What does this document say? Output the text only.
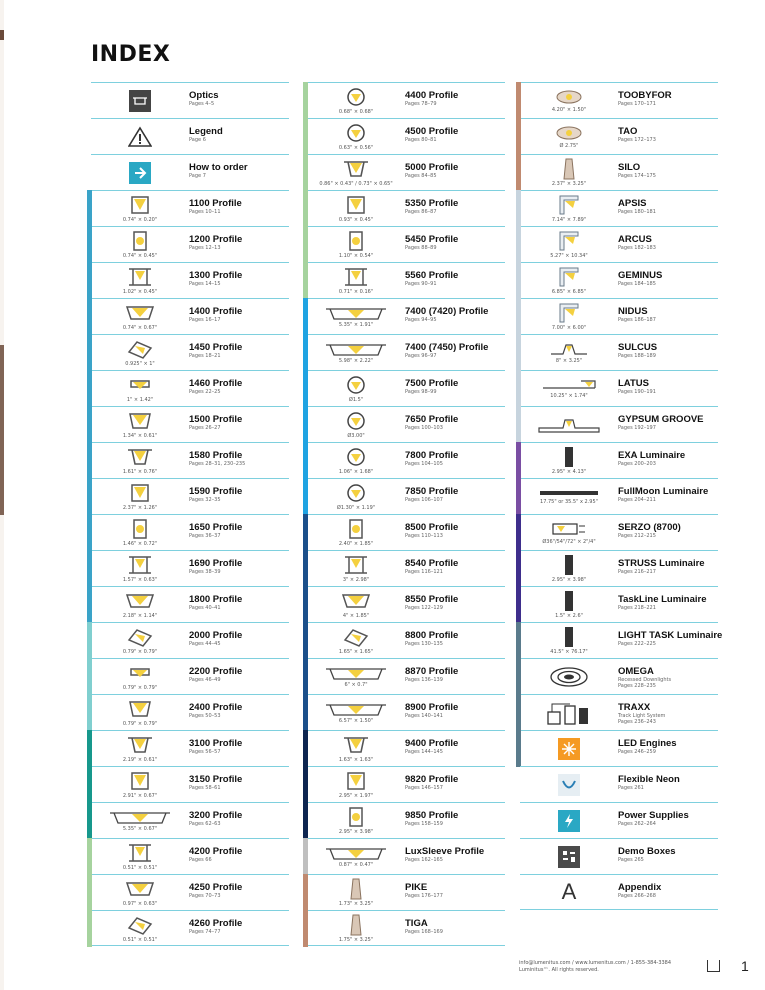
INDEX
Optics
Pages 4–5
Legend
Page 6
How to order
Page 7
0.74" × 0.20"
1100 Profile
Pages 10–11
0.74" × 0.45"
1200 Profile
Pages 12–13
1.02" × 0.45"
1300 Profile
Pages 14–15
0.74" × 0.67"
1400 Profile
Pages 16–17
0.925" × 1"
1450 Profile
Pages 18–21
1" × 1.42"
1460 Profile
Pages 22–25
1.34" × 0.61"
1500 Profile
Pages 26–27
1.61" × 0.76"
1580 Profile
Pages 28–31, 230–235
2.37" × 1.26"
1590 Profile
Pages 32–35
1.46" × 0.72"
1650 Profile
Pages 36–37
1.57" × 0.63"
1690 Profile
Pages 38–39
2.18" × 1.14"
1800 Profile
Pages 40–41
0.79" × 0.79"
2000 Profile
Pages 44–45
0.79" × 0.79"
2200 Profile
Pages 46–49
0.79" × 0.79"
2400 Profile
Pages 50–53
2.19" × 0.61"
3100 Profile
Pages 56–57
2.91" × 0.67"
3150 Profile
Pages 58–61
5.35" × 0.67"
3200 Profile
Pages 62–63
0.51" × 0.51"
4200 Profile
Pages 66
0.97" × 0.63"
4250 Profile
Pages 70–73
0.51" × 0.51"
4260 Profile
Pages 74–77
0.68" × 0.68"
4400 Profile
Pages 78–79
0.63" × 0.56"
4500 Profile
Pages 80–81
0.86" × 0.43" / 0.73" × 0.65"
5000 Profile
Pages 84–85
0.93" × 0.45"
5350 Profile
Pages 86–87
1.10" × 0.54"
5450 Profile
Pages 88–89
0.71" × 0.16"
5560 Profile
Pages 90–91
5.35" × 1.91"
7400 (7420) Profile
Pages 94–95
5.98" × 2.22"
7400 (7450) Profile
Pages 96–97
Ø1.5"
7500 Profile
Pages 98–99
Ø3.00"
7650 Profile
Pages 100–103
1.06" × 1.68"
7800 Profile
Pages 104–105
Ø1.30" × 1.19"
7850 Profile
Pages 106–107
2.40" × 1.85"
8500 Profile
Pages 110–113
3" × 2.98"
8540 Profile
Pages 116–121
4" × 1.85"
8550 Profile
Pages 122–129
1.65" × 1.65"
8800 Profile
Pages 130–135
6" × 0.7"
8870 Profile
Pages 136–139
6.57" × 1.50"
8900 Profile
Pages 140–141
1.63" × 1.63"
9400 Profile
Pages 144–145
2.95" × 1.97"
9820 Profile
Pages 146–157
2.95" × 3.98"
9850 Profile
Pages 158–159
0.87" × 0.47"
LuxSleeve Profile
Pages 162–165
1.73" × 3.25"
PIKE
Pages 176–177
1.75" × 3.25"
TIGA
Pages 168–169
4.20" × 1.50"
TOOBYFOR
Pages 170–171
Ø 2.75"
TAO
Pages 172–173
2.37" × 3.25"
SILO
Pages 174–175
7.14" × 7.89"
APSIS
Pages 180–181
5.27" × 10.34"
ARCUS
Pages 182–183
6.85" × 6.85"
GEMINUS
Pages 184–185
7.00" × 6.00"
NIDUS
Pages 186–187
8" × 3.25"
SULCUS
Pages 188–189
10.25" × 1.74"
LATUS
Pages 190–191
GYPSUM GROOVE
Pages 192–197
2.95" × 4.13"
EXA Luminaire
Pages 200–203
17.75" or 35.5" x 2.95"
FullMoon Luminaire
Pages 204–211
Ø36"/54"/72" × 2"/4"
SERZO (8700)
Pages 212–215
2.95" × 3.98"
STRUSS Luminaire
Pages 216–217
1.5" × 2.6"
TaskLine Luminaire
Pages 218–221
41.5" × 76.17"
LIGHT TASK Luminaire
Pages 222–225
OMEGA
Recessed Downlights
Pages 228–235
TRAXX
Track Light System
Pages 236–243
LED Engines
Pages 246–259
Flexible Neon
Pages 261
Power Supplies
Pages 262–264
Demo Boxes
Pages 265
A	Appendix
Pages 266–268
info@lumenitus.com / www.lumenitus.com / 1-855-384-3384
Luminitus™. All rights reserved.	1
